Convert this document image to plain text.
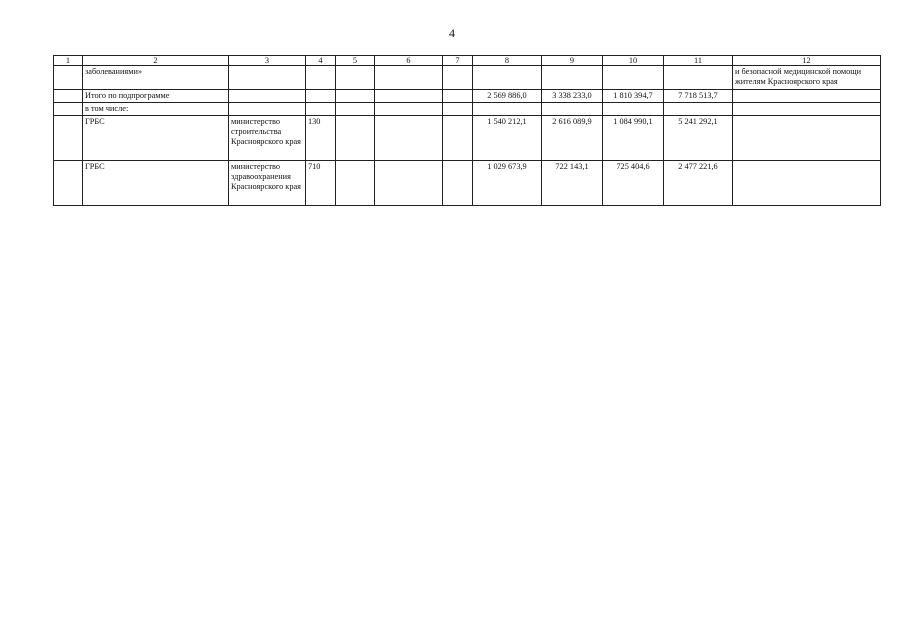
4
1	2	3	4	5	6	7	8	9	10	11	12
	заболеваниями»										и безопасной медицинской помощи жителям Красноярского края
	Итого по подпрограмме						2 569 886,0	3 338 233,0	1 810 394,7	7 718 513,7	
	в том числе:										
	ГРБС	министерство строительства Красноярского края	130				1 540 212,1	2 616 089,9	1 084 990,1	5 241 292,1	
	ГРБС	министерство здравоохранения Красноярского края	710				1 029 673,9	722 143,1	725 404,6	2 477 221,6	
